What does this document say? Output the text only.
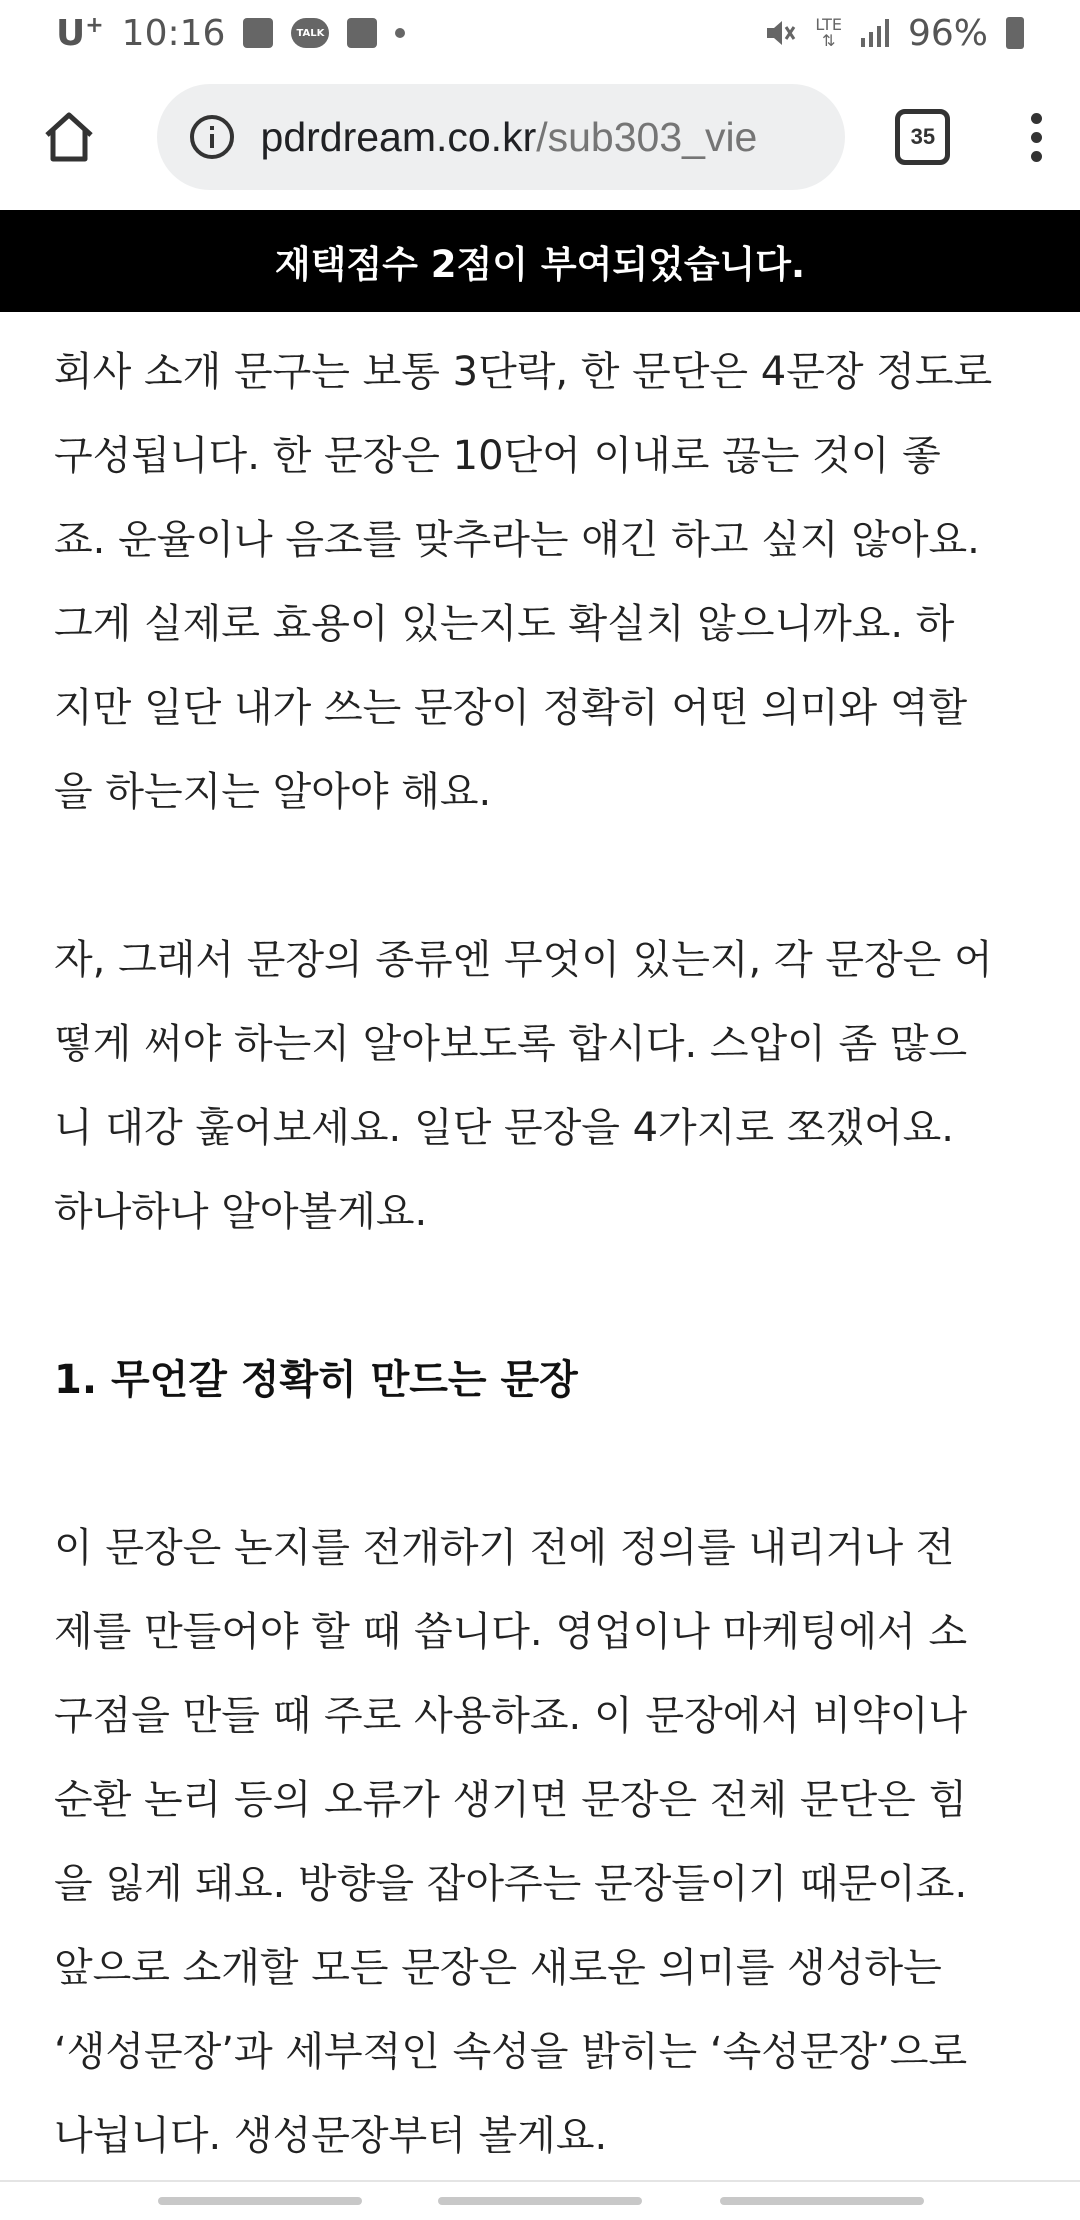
U+ 10:16	TALK	LTE
⇅ 96%
pdrdream.co.kr/sub303_vie	35
재택점수 2점이 부여되었습니다.

회사 소개 문구는 보통 3단락, 한 문단은 4문장 정도로
구성됩니다. 한 문장은 10단어 이내로 끊는 것이 좋
죠. 운율이나 음조를 맞추라는 얘긴 하고 싶지 않아요.
그게 실제로 효용이 있는지도 확실치 않으니까요. 하
지만 일단 내가 쓰는 문장이 정확히 어떤 의미와 역할
을 하는지는 알아야 해요.

자, 그래서 문장의 종류엔 무엇이 있는지, 각 문장은 어
떻게 써야 하는지 알아보도록 합시다. 스압이 좀 많으
니 대강 훑어보세요. 일단 문장을 4가지로 쪼갰어요.
하나하나 알아볼게요.

1. 무언갈 정확히 만드는 문장

이 문장은 논지를 전개하기 전에 정의를 내리거나 전
제를 만들어야 할 때 씁니다. 영업이나 마케팅에서 소
구점을 만들 때 주로 사용하죠. 이 문장에서 비약이나
순환 논리 등의 오류가 생기면 문장은 전체 문단은 힘
을 잃게 돼요. 방향을 잡아주는 문장들이기 때문이죠.
앞으로 소개할 모든 문장은 새로운 의미를 생성하는
‘생성문장’과 세부적인 속성을 밝히는 ‘속성문장’으로
나뉩니다. 생성문장부터 볼게요.
